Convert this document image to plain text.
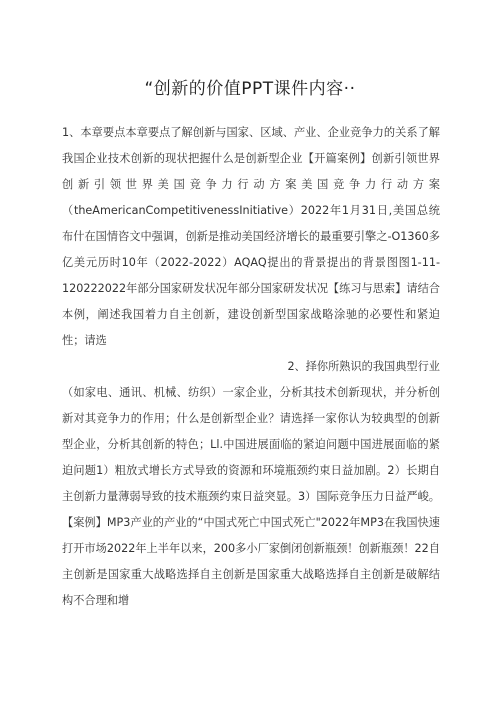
“创新的价值PPT课件内容··

1、本章要点本章要点了解创新与国家、区域、产业、企业竞争力的关系了解我国企业技术创新的现状把握什么是创新型企业【开篇案例】创新引领世界创新引领世界美国竞争力行动方案美国竞争力行动方案（theAmericanCompetitivenessInitiative）2022年1月31日,美国总统布什在国情咨文中强调，创新是推动美国经济增长的最重要引擎之-O1360多亿美元历时10年（2022-2022）AQAQ提出的背景提出的背景图图1-11-120222022年部分国家研发状况年部分国家研发状况【练习与思索】请结合本例，阐述我国着力自主创新，建设创新型国家战略涂驰的必要性和紧迫性；请选

2、择你所熟识的我国典型行业

（如家电、通讯、机械、纺织）一家企业，分析其技术创新现状，并分析创新对其竞争力的作用；什么是创新型企业？请选择一家你认为较典型的创新型企业，分析其创新的特色；Ll.中国进展面临的紧迫问题中国进展面临的紧迫问题1）粗放式增长方式导致的资源和环境瓶颈约束日益加剧。2）长期自主创新力量薄弱导致的技术瓶颈约束日益突显。3）国际竞争压力日益严峻。【案例】MP3产业的产业的“中国式死亡中国式死亡"2022年MP3在我国快速打开市场2022年上半年以来，200多小厂家倒闭创新瓶颈！创新瓶颈！22自主创新是国家重大战略选择自主创新是国家重大战略选择自主创新是破解结构不合理和增
